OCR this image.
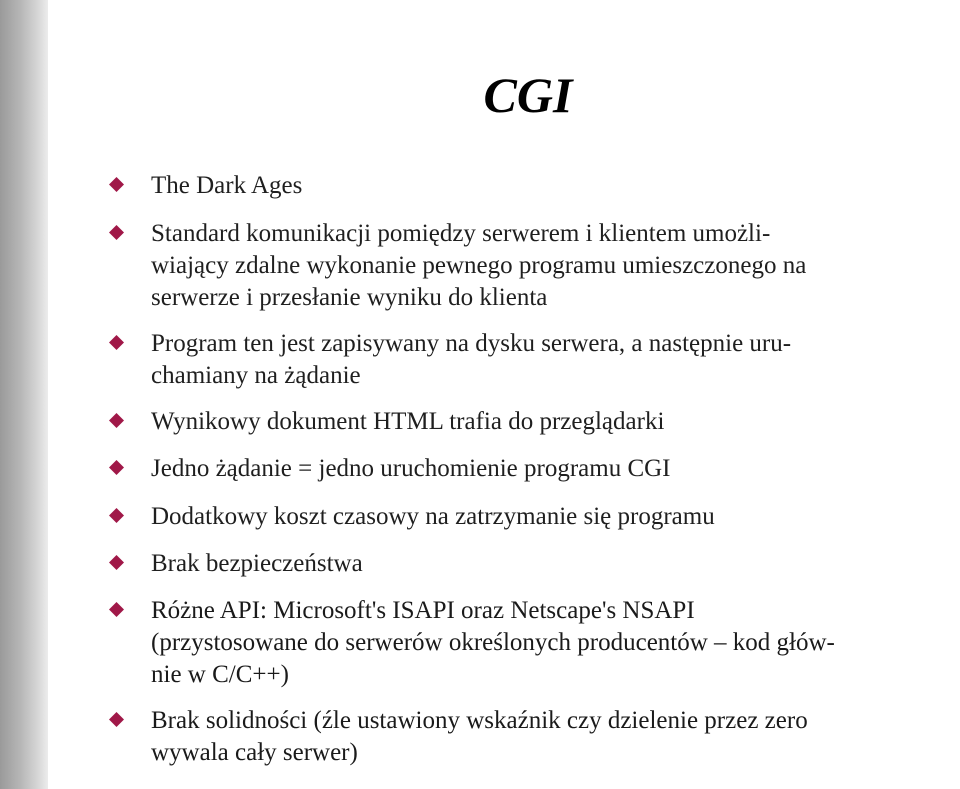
CGI
The Dark Ages
Standard komunikacji pomiędzy serwerem i klientem umożli-
wiający zdalne wykonanie pewnego programu umieszczonego na
serwerze i przesłanie wyniku do klienta
Program ten jest zapisywany na dysku serwera, a następnie uru-
chamiany na żądanie
Wynikowy dokument HTML trafia do przeglądarki
Jedno żądanie = jedno uruchomienie programu CGI
Dodatkowy koszt czasowy na zatrzymanie się programu
Brak bezpieczeństwa
Różne API: Microsoft's ISAPI oraz Netscape's NSAPI
(przystosowane do serwerów określonych producentów – kod głów-
nie w C/C++)
Brak solidności (źle ustawiony wskaźnik czy dzielenie przez zero
wywala cały serwer)
